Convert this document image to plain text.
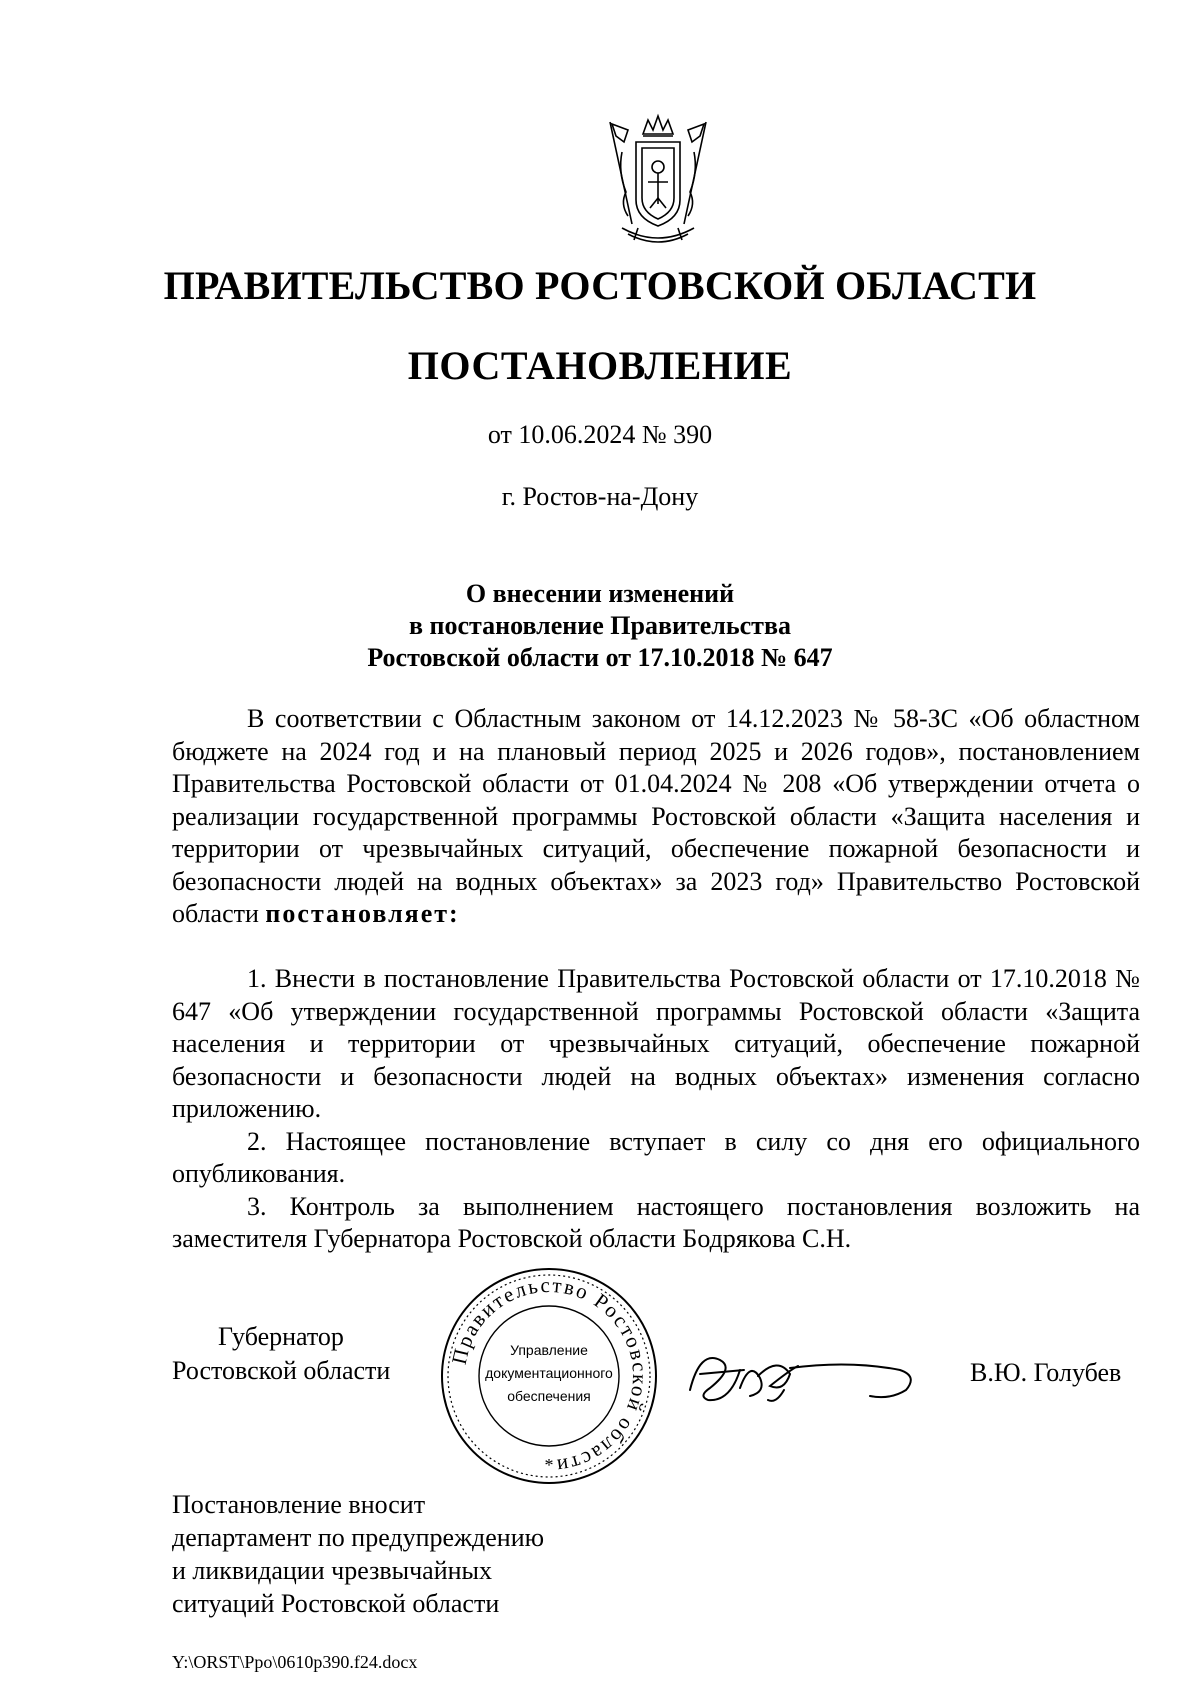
ПРАВИТЕЛЬСТВО РОСТОВСКОЙ ОБЛАСТИ
ПОСТАНОВЛЕНИЕ
от 10.06.2024 № 390
г. Ростов-на-Дону
О внесении изменений
в постановление Правительства
Ростовской области от 17.10.2018 № 647

В соответствии с Областным законом от 14.12.2023 № 58-ЗС «Об областном бюджете на 2024 год и на плановый период 2025 и 2026 годов», постановлением Правительства Ростовской области от 01.04.2024 № 208 «Об утверждении отчета о реализации государственной программы Ростовской области «Защита населения и территории от чрезвычайных ситуаций, обеспечение пожарной безопасности и безопасности людей на водных объектах» за 2023 год» Правительство Ростовской области постановляет:

1. Внести в постановление Правительства Ростовской области от 17.10.2018 № 647 «Об утверждении государственной программы Ростовской области «Защита населения и территории от чрезвычайных ситуаций, обеспечение пожарной безопасности и безопасности людей на водных объектах» изменения согласно приложению.

2. Настоящее постановление вступает в силу со дня его официального опубликования.

3. Контроль за выполнением настоящего постановления возложить на заместителя Губернатора Ростовской области Бодрякова С.Н.

Губернатор
Ростовской области
Правительство Ростовской области
Управление
документационного
обеспечения
*
В.Ю. Голубев
Постановление вносит
департамент по предупреждению
и ликвидации чрезвычайных
ситуаций Ростовской области
Y:\ORST\Ppo\0610p390.f24.docx
